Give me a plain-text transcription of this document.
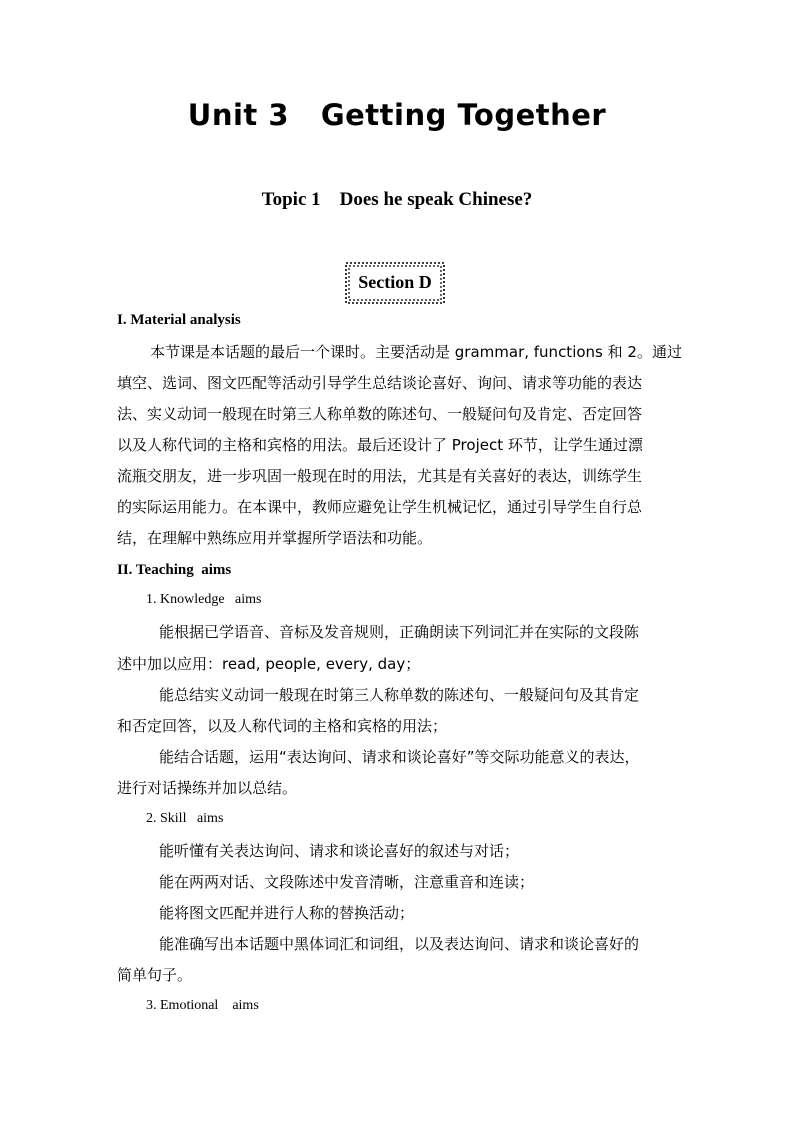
Unit 3   Getting Together
Topic 1    Does he speak Chinese?
Section D
I. Material analysis
本节课是本话题的最后一个课时。主要活动是 grammar, functions 和 2。通过
填空、选词、图文匹配等活动引导学生总结谈论喜好、询问、请求等功能的表达
法、实义动词一般现在时第三人称单数的陈述句、一般疑问句及肯定、否定回答
以及人称代词的主格和宾格的用法。最后还设计了 Project 环节，让学生通过漂
流瓶交朋友，进一步巩固一般现在时的用法，尤其是有关喜好的表达，训练学生
的实际运用能力。在本课中，教师应避免让学生机械记忆，通过引导学生自行总
结，在理解中熟练应用并掌握所学语法和功能。
II. Teaching  aims
1. Knowledge   aims
能根据已学语音、音标及发音规则，正确朗读下列词汇并在实际的文段陈
述中加以应用：read, people, every, day；
能总结实义动词一般现在时第三人称单数的陈述句、一般疑问句及其肯定
和否定回答，以及人称代词的主格和宾格的用法；
能结合话题，运用“表达询问、请求和谈论喜好”等交际功能意义的表达，
进行对话操练并加以总结。
2. Skill   aims
能听懂有关表达询问、请求和谈论喜好的叙述与对话；
能在两两对话、文段陈述中发音清晰，注意重音和连读；
能将图文匹配并进行人称的替换活动；
能准确写出本话题中黑体词汇和词组，以及表达询问、请求和谈论喜好的
简单句子。
3. Emotional    aims
